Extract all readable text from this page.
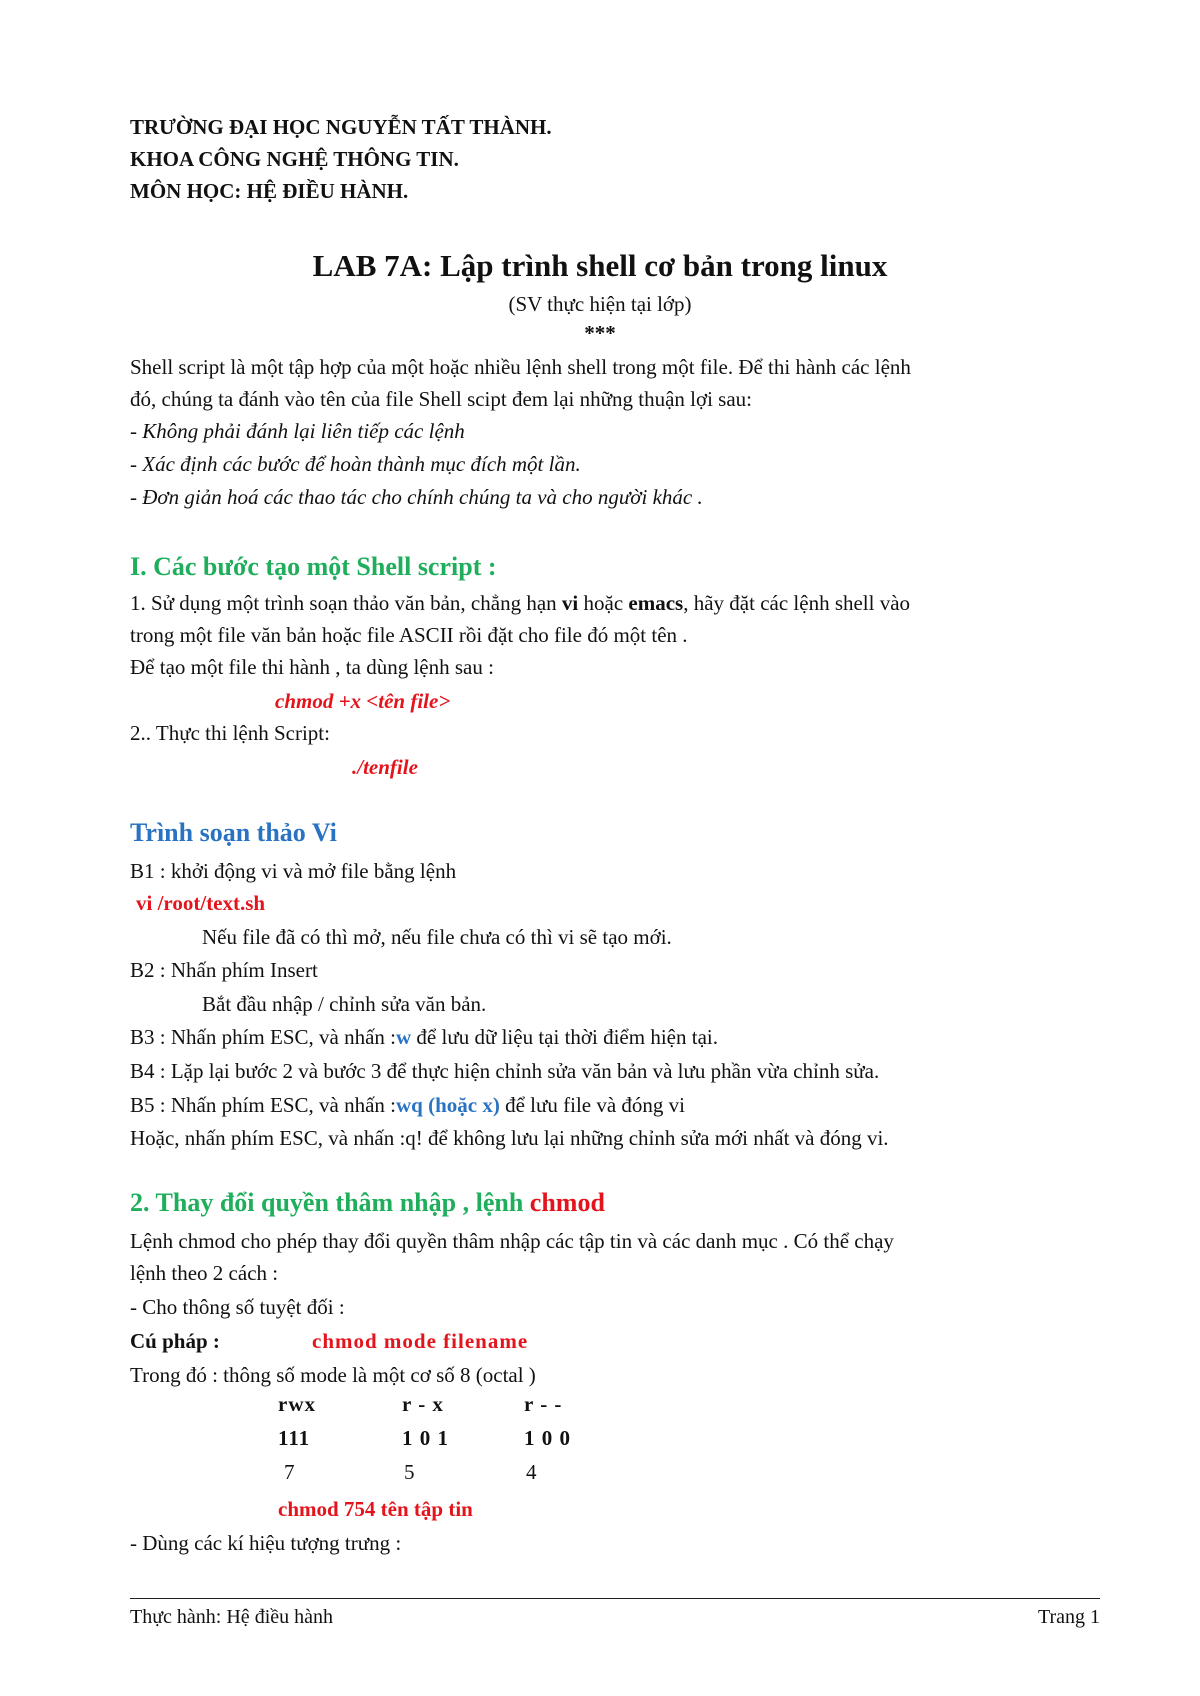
TRƯỜNG ĐẠI HỌC NGUYỄN TẤT THÀNH.
KHOA CÔNG NGHỆ THÔNG TIN.
MÔN HỌC: HỆ ĐIỀU HÀNH.
LAB 7A: Lập trình shell cơ bản trong linux
(SV thực hiện tại lớp)
***
Shell script là một tập hợp của một hoặc nhiều lệnh shell trong một file. Để thi hành các lệnh
đó, chúng ta đánh vào tên của file Shell scipt đem lại những thuận lợi sau:
- Không phải đánh lại liên tiếp các lệnh
- Xác định các bước để hoàn thành mục đích một lần.
- Đơn giản hoá các thao tác cho chính chúng ta và cho người khác .
I. Các bước tạo một Shell script :
1. Sử dụng một trình soạn thảo văn bản, chẳng hạn vi hoặc emacs, hãy đặt các lệnh shell vào
trong một file văn bản hoặc file ASCII rồi đặt cho file đó một tên .
Để tạo một file thi hành , ta dùng lệnh sau :
chmod +x <tên file>
2.. Thực thi lệnh Script:
./tenfile
Trình soạn thảo Vi
B1 : khởi động vi và mở file bằng lệnh
vi /root/text.sh
Nếu file đã có thì mở, nếu file chưa có thì vi sẽ tạo mới.
B2 : Nhấn phím Insert
Bắt đầu nhập / chỉnh sửa văn bản.
B3 : Nhấn phím ESC, và nhấn :w để lưu dữ liệu tại thời điểm hiện tại.
B4 : Lặp lại bước 2 và bước 3 để thực hiện chỉnh sửa văn bản và lưu phần vừa chỉnh sửa.
B5 : Nhấn phím ESC, và nhấn :wq (hoặc x) để lưu file và đóng vi
Hoặc, nhấn phím ESC, và nhấn :q! để không lưu lại những chỉnh sửa mới nhất và đóng vi.
2. Thay đổi quyền thâm nhập , lệnh chmod
Lệnh chmod cho phép thay đổi quyền thâm nhập các tập tin và các danh mục . Có thể chạy
lệnh theo 2 cách :
- Cho thông số tuyệt đối :
Cú pháp :	chmod mode filename
Trong đó : thông số mode là một cơ số 8 (octal )
rwx	r - x	r - -
111	1 0 1	1 0 0
7	5	4
chmod 754 tên tập tin
- Dùng các kí hiệu tượng trưng :
Thực hành: Hệ điều hành	Trang 1
